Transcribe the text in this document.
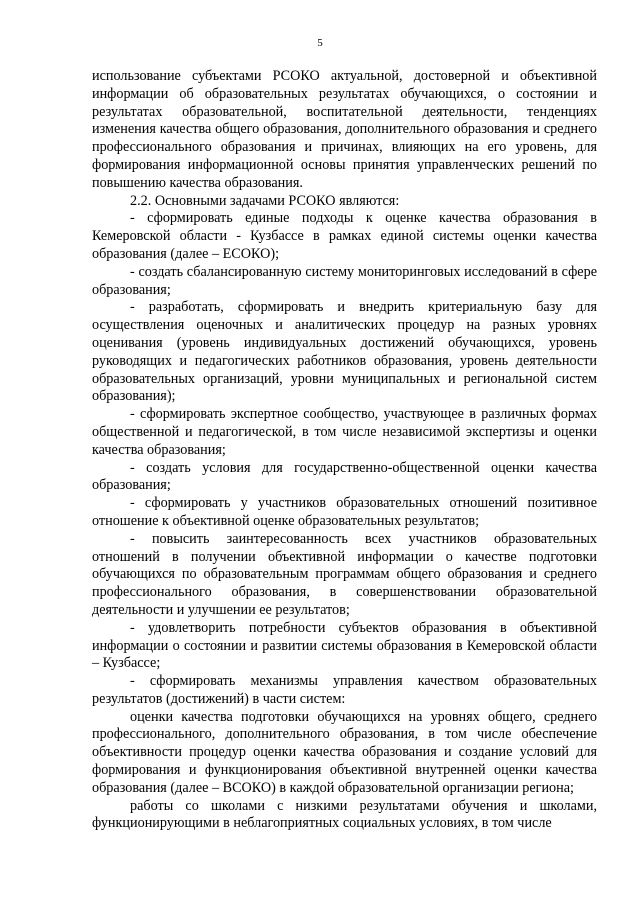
5

использование субъектами РСОКО актуальной, достоверной и объективной информации об образовательных результатах обучающихся, о состоянии и результатах образовательной, воспитательной деятельности, тенденциях изменения качества общего образования, дополнительного образования и среднего профессионального образования и причинах, влияющих на его уровень, для формирования информационной основы принятия управленческих решений по повышению качества образования.

2.2. Основными задачами РСОКО являются:

- сформировать единые подходы к оценке качества образования в Кемеровской области - Кузбассе в рамках единой системы оценки качества образования (далее – ЕСОКО);

- создать сбалансированную систему мониторинговых исследований в сфере образования;

- разработать, сформировать и внедрить критериальную базу для осуществления оценочных и аналитических процедур на разных уровнях оценивания (уровень индивидуальных достижений обучающихся, уровень руководящих и педагогических работников образования, уровень деятельности образовательных организаций, уровни муниципальных и региональной систем образования);

- сформировать экспертное сообщество, участвующее в различных формах общественной и педагогической, в том числе независимой экспертизы и оценки качества образования;

- создать условия для государственно-общественной оценки качества образования;

- сформировать у участников образовательных отношений позитивное отношение к объективной оценке образовательных результатов;

- повысить заинтересованность всех участников образовательных отношений в получении объективной информации о качестве подготовки обучающихся по образовательным программам общего образования и среднего профессионального образования, в совершенствовании образовательной деятельности и улучшении ее результатов;

- удовлетворить потребности субъектов образования в объективной информации о состоянии и развитии системы образования в Кемеровской области – Кузбассе;

- сформировать механизмы управления качеством образовательных результатов (достижений) в части систем:

оценки качества подготовки обучающихся на уровнях общего, среднего профессионального, дополнительного образования, в том числе обеспечение объективности процедур оценки качества образования и создание условий для формирования и функционирования объективной внутренней оценки качества образования (далее – ВСОКО) в каждой образовательной организации региона;

работы со школами с низкими результатами обучения и школами, функционирующими в неблагоприятных социальных условиях, в том числе
